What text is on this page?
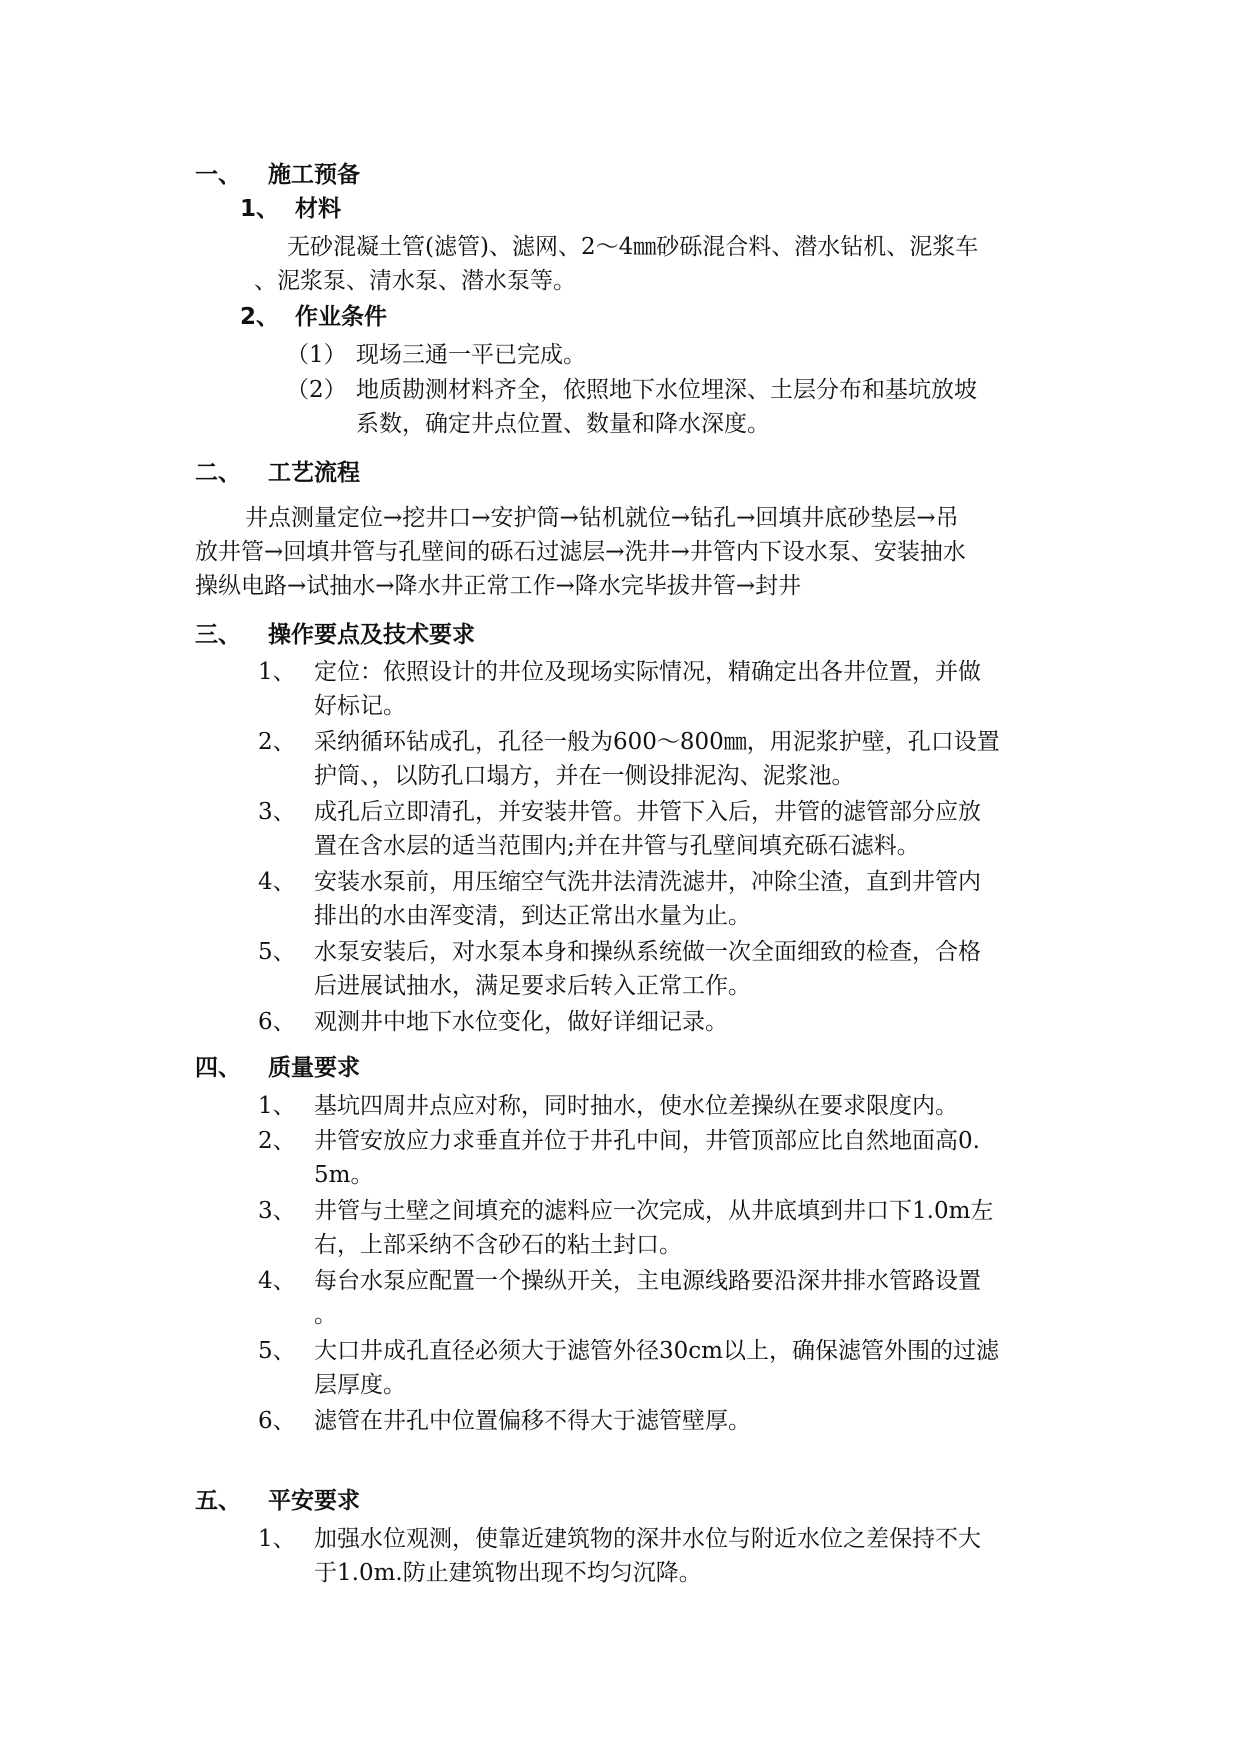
一、 施工预备
1、 材料
无砂混凝土管(滤管)、滤网、2～4㎜砂砾混合料、潜水钻机、泥浆车
、泥浆泵、清水泵、潜水泵等。
2、 作业条件
（1） 现场三通一平已完成。
（2） 地质勘测材料齐全，依照地下水位埋深、土层分布和基坑放坡
系数，确定井点位置、数量和降水深度。
二、 工艺流程
井点测量定位→挖井口→安护筒→钻机就位→钻孔→回填井底砂垫层→吊
放井管→回填井管与孔壁间的砾石过滤层→洗井→井管内下设水泵、安装抽水
操纵电路→试抽水→降水井正常工作→降水完毕拔井管→封井
三、 操作要点及技术要求
1、 定位：依照设计的井位及现场实际情况，精确定出各井位置，并做
好标记。
2、 采纳循环钻成孔，孔径一般为600～800㎜，用泥浆护壁，孔口设置
护筒、，以防孔口塌方，并在一侧设排泥沟、泥浆池。
3、 成孔后立即清孔，并安装井管。井管下入后，井管的滤管部分应放
置在含水层的适当范围内;并在井管与孔壁间填充砾石滤料。
4、 安装水泵前，用压缩空气洗井法清洗滤井，冲除尘渣，直到井管内
排出的水由浑变清，到达正常出水量为止。
5、 水泵安装后，对水泵本身和操纵系统做一次全面细致的检查，合格
后进展试抽水，满足要求后转入正常工作。
6、 观测井中地下水位变化，做好详细记录。
四、 质量要求
1、 基坑四周井点应对称，同时抽水，使水位差操纵在要求限度内。
2、 井管安放应力求垂直并位于井孔中间，井管顶部应比自然地面高0.
5m。
3、 井管与土壁之间填充的滤料应一次完成，从井底填到井口下1.0m左
右，上部采纳不含砂石的粘土封口。
4、 每台水泵应配置一个操纵开关，主电源线路要沿深井排水管路设置
。
5、 大口井成孔直径必须大于滤管外径30cm以上，确保滤管外围的过滤
层厚度。
6、 滤管在井孔中位置偏移不得大于滤管壁厚。
五、 平安要求
1、 加强水位观测，使靠近建筑物的深井水位与附近水位之差保持不大
于1.0m.防止建筑物出现不均匀沉降。
